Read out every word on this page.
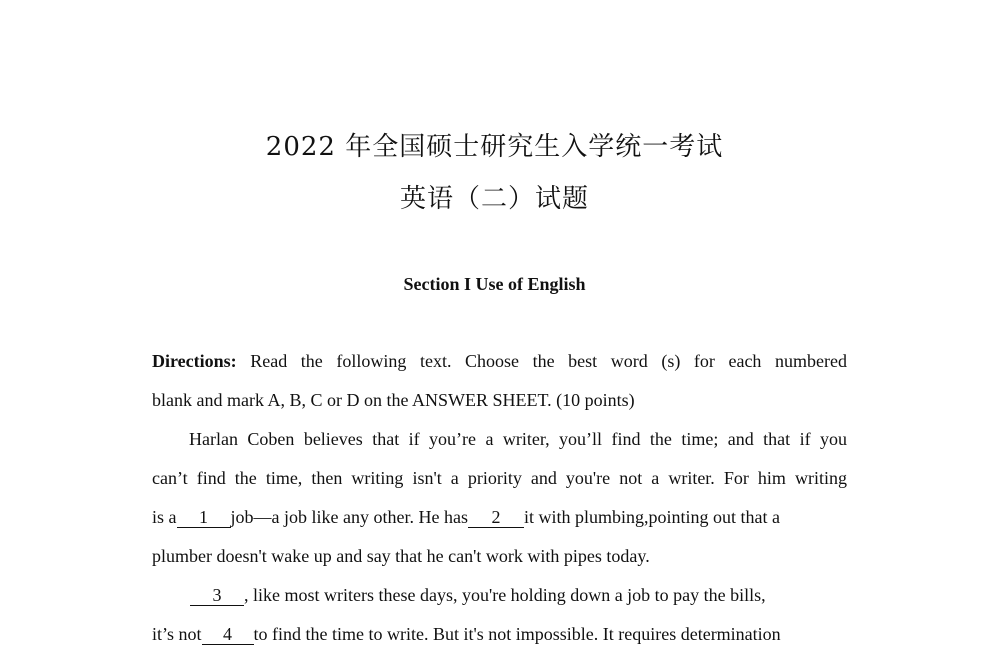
2022 年全国硕士研究生入学统一考试
英语（二）试题
Section I Use of English
Directions: Read the following text. Choose the best word (s) for each numbered
blank and mark A, B, C or D on the ANSWER SHEET. (10 points)
Harlan Coben believes that if you’re a writer, you’ll find the time; and that if you
can’t find the time, then writing isn't a priority and you're not a writer. For him writing
is a 1 job—a job like any other. He has 2 it with plumbing,pointing out that a
plumber doesn't wake up and say that he can't work with pipes today.
3 , like most writers these days, you're holding down a job to pay the bills,
it’s not 4 to find the time to write. But it's not impossible. It requires determination
